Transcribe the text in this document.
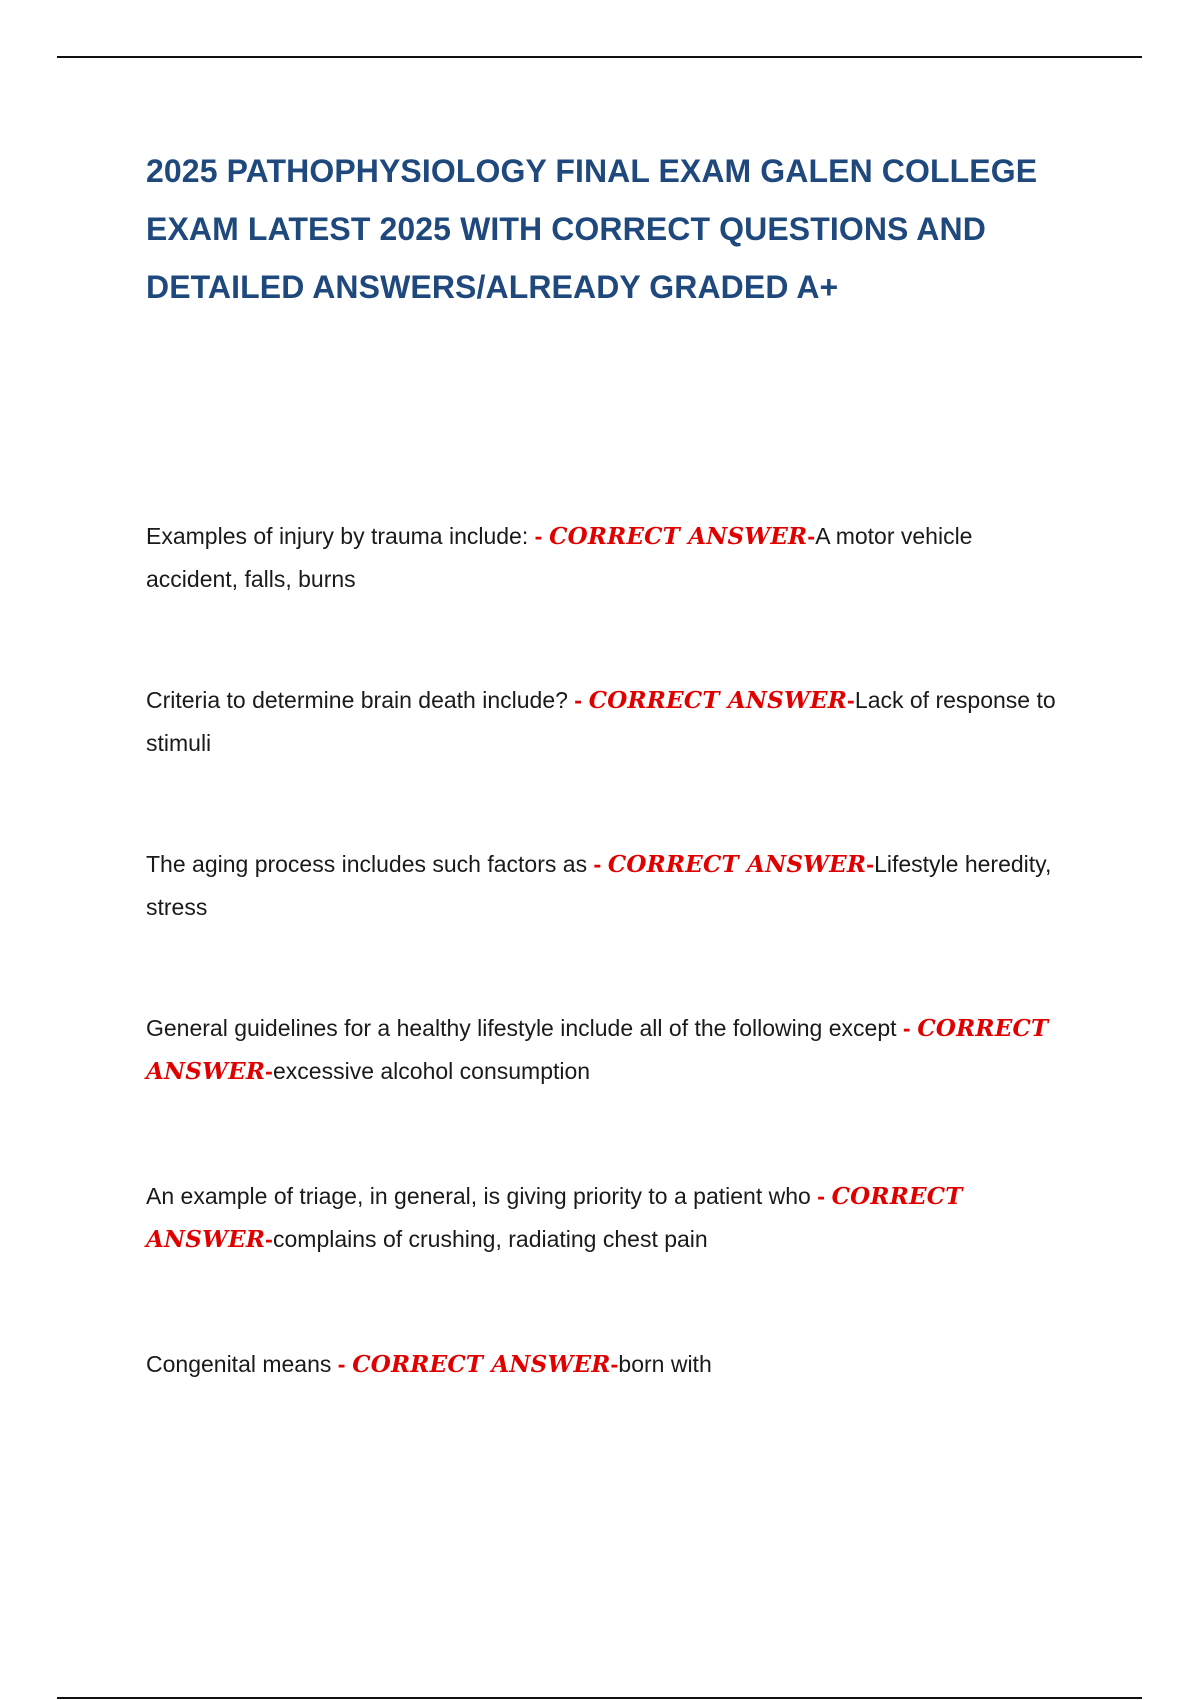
2025 PATHOPHYSIOLOGY FINAL EXAM GALEN COLLEGE EXAM LATEST 2025 WITH CORRECT QUESTIONS AND DETAILED ANSWERS/ALREADY GRADED A+

Examples of injury by trauma include: - CORRECT ANSWER-A motor vehicle accident, falls, burns

Criteria to determine brain death include? - CORRECT ANSWER-Lack of response to stimuli

The aging process includes such factors as - CORRECT ANSWER-Lifestyle heredity, stress

General guidelines for a healthy lifestyle include all of the following except - CORRECT ANSWER-excessive alcohol consumption

An example of triage, in general, is giving priority to a patient who - CORRECT ANSWER-complains of crushing, radiating chest pain

Congenital means - CORRECT ANSWER-born with
